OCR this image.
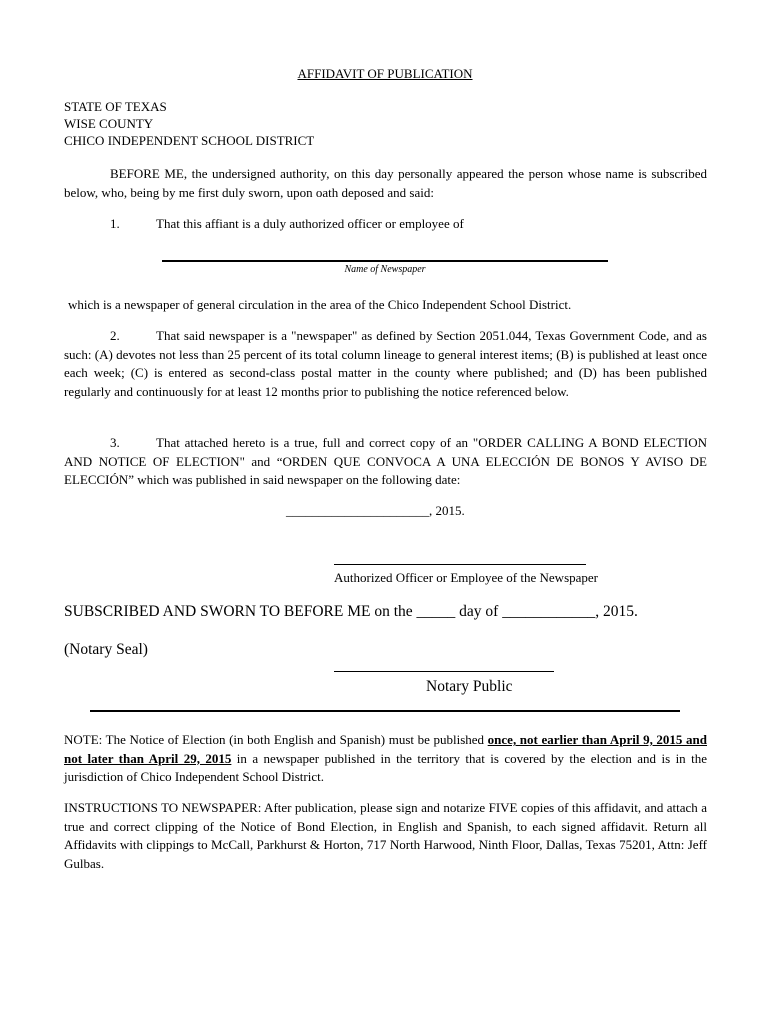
AFFIDAVIT OF PUBLICATION
STATE OF TEXAS
WISE COUNTY
CHICO INDEPENDENT SCHOOL DISTRICT
BEFORE ME, the undersigned authority, on this day personally appeared the person whose name is subscribed below, who, being by me first duly sworn, upon oath deposed and said:
1.	That this affiant is a duly authorized officer or employee of
Name of Newspaper
which is a newspaper of general circulation in the area of the Chico Independent School District.
2.	That said newspaper is a "newspaper" as defined by Section 2051.044, Texas Government Code, and as such: (A) devotes not less than 25 percent of its total column lineage to general interest items; (B) is published at least once each week; (C) is entered as second-class postal matter in the county where published; and (D) has been published regularly and continuously for at least 12 months prior to publishing the notice referenced below.
3.	That attached hereto is a true, full and correct copy of an "ORDER CALLING A BOND ELECTION AND NOTICE OF ELECTION" and “ORDEN QUE CONVOCA A UNA ELECCIÓN DE BONOS Y AVISO DE ELECCIÓN” which was published in said newspaper on the following date:
______________________, 2015.
Authorized Officer or Employee of the Newspaper
SUBSCRIBED AND SWORN TO BEFORE ME on the _____ day of ____________, 2015.
(Notary Seal)
Notary Public
NOTE: The Notice of Election (in both English and Spanish) must be published once, not earlier than April 9, 2015 and not later than April 29, 2015 in a newspaper published in the territory that is covered by the election and is in the jurisdiction of Chico Independent School District.
INSTRUCTIONS TO NEWSPAPER: After publication, please sign and notarize FIVE copies of this affidavit, and attach a true and correct clipping of the Notice of Bond Election, in English and Spanish, to each signed affidavit. Return all Affidavits with clippings to McCall, Parkhurst & Horton, 717 North Harwood, Ninth Floor, Dallas, Texas 75201, Attn: Jeff Gulbas.
